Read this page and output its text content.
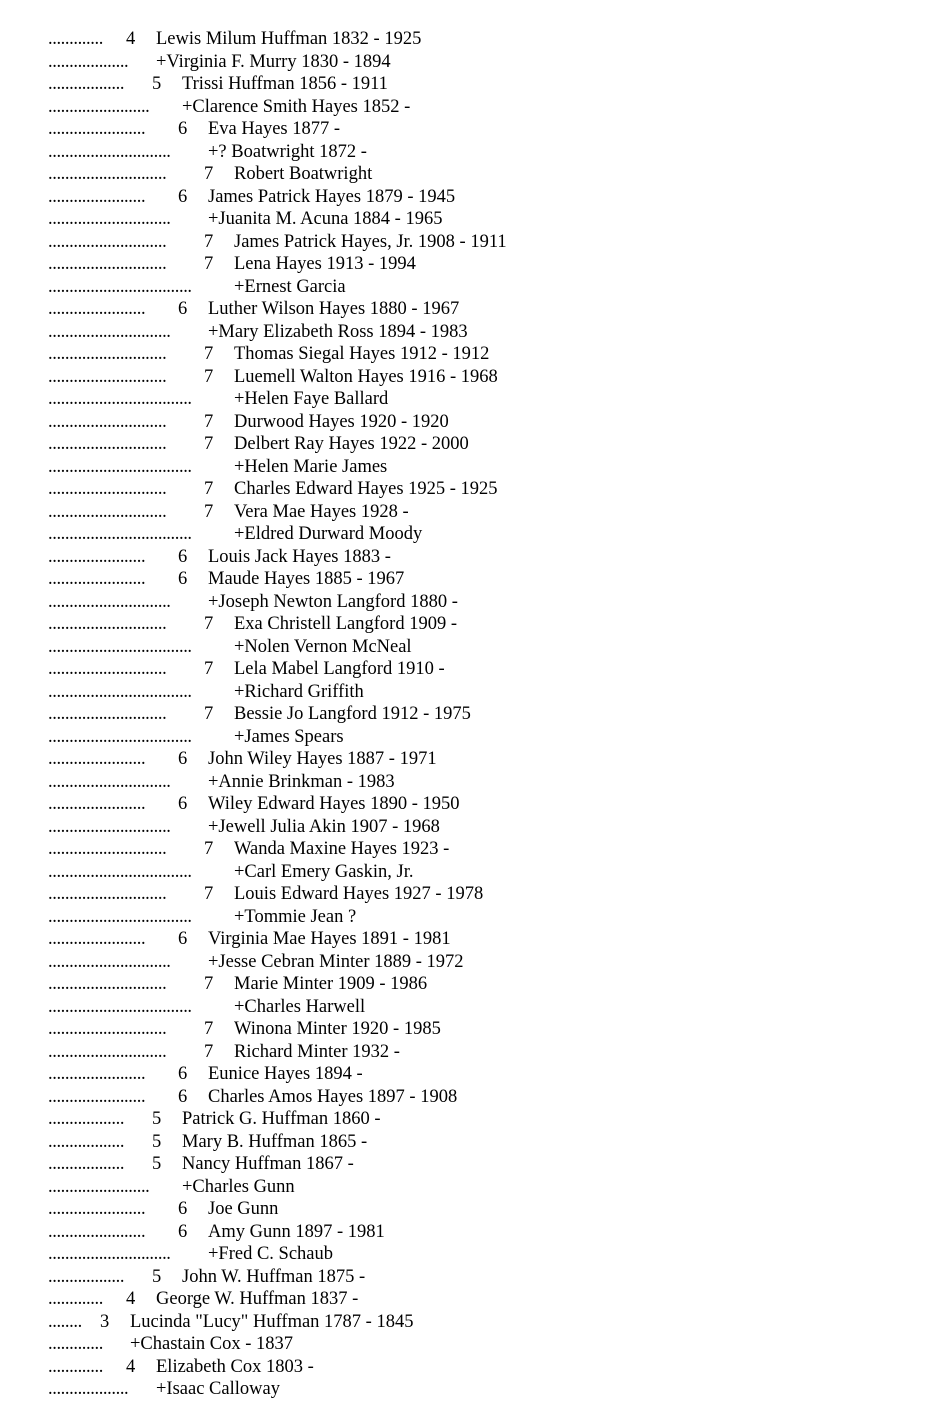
............. 4 Lewis Milum Huffman 1832 - 1925
................... +Virginia F. Murry 1830 - 1894
.................. 5 Trissi Huffman 1856 - 1911
........................ +Clarence Smith Hayes 1852 -
....................... 6 Eva Hayes 1877 -
............................. +? Boatwright 1872 -
............................ 7 Robert Boatwright
....................... 6 James Patrick Hayes 1879 - 1945
............................. +Juanita M. Acuna 1884 - 1965
............................ 7 James Patrick Hayes, Jr. 1908 - 1911
............................ 7 Lena Hayes 1913 - 1994
.................................. +Ernest Garcia
....................... 6 Luther Wilson Hayes 1880 - 1967
............................. +Mary Elizabeth Ross 1894 - 1983
............................ 7 Thomas Siegal Hayes 1912 - 1912
............................ 7 Luemell Walton Hayes 1916 - 1968
.................................. +Helen Faye Ballard
............................ 7 Durwood Hayes 1920 - 1920
............................ 7 Delbert Ray Hayes 1922 - 2000
.................................. +Helen Marie James
............................ 7 Charles Edward Hayes 1925 - 1925
............................ 7 Vera Mae Hayes 1928 -
.................................. +Eldred Durward Moody
....................... 6 Louis Jack Hayes 1883 -
....................... 6 Maude Hayes 1885 - 1967
............................. +Joseph Newton Langford 1880 -
............................ 7 Exa Christell Langford 1909 -
.................................. +Nolen Vernon McNeal
............................ 7 Lela Mabel Langford 1910 -
.................................. +Richard Griffith
............................ 7 Bessie Jo Langford 1912 - 1975
.................................. +James Spears
....................... 6 John Wiley Hayes 1887 - 1971
............................. +Annie Brinkman - 1983
....................... 6 Wiley Edward Hayes 1890 - 1950
............................. +Jewell Julia Akin 1907 - 1968
............................ 7 Wanda Maxine Hayes 1923 -
.................................. +Carl Emery Gaskin, Jr.
............................ 7 Louis Edward Hayes 1927 - 1978
.................................. +Tommie Jean ?
....................... 6 Virginia Mae Hayes 1891 - 1981
............................. +Jesse Cebran Minter 1889 - 1972
............................ 7 Marie Minter 1909 - 1986
.................................. +Charles Harwell
............................ 7 Winona Minter 1920 - 1985
............................ 7 Richard Minter 1932 -
....................... 6 Eunice Hayes 1894 -
....................... 6 Charles Amos Hayes 1897 - 1908
.................. 5 Patrick G. Huffman 1860 -
.................. 5 Mary B. Huffman 1865 -
.................. 5 Nancy Huffman 1867 -
........................ +Charles Gunn
....................... 6 Joe Gunn
....................... 6 Amy Gunn 1897 - 1981
............................. +Fred C. Schaub
.................. 5 John W. Huffman 1875 -
............. 4 George W. Huffman 1837 -
........ 3 Lucinda "Lucy" Huffman 1787 - 1845
............. +Chastain Cox - 1837
............. 4 Elizabeth Cox 1803 -
................... +Isaac Calloway
